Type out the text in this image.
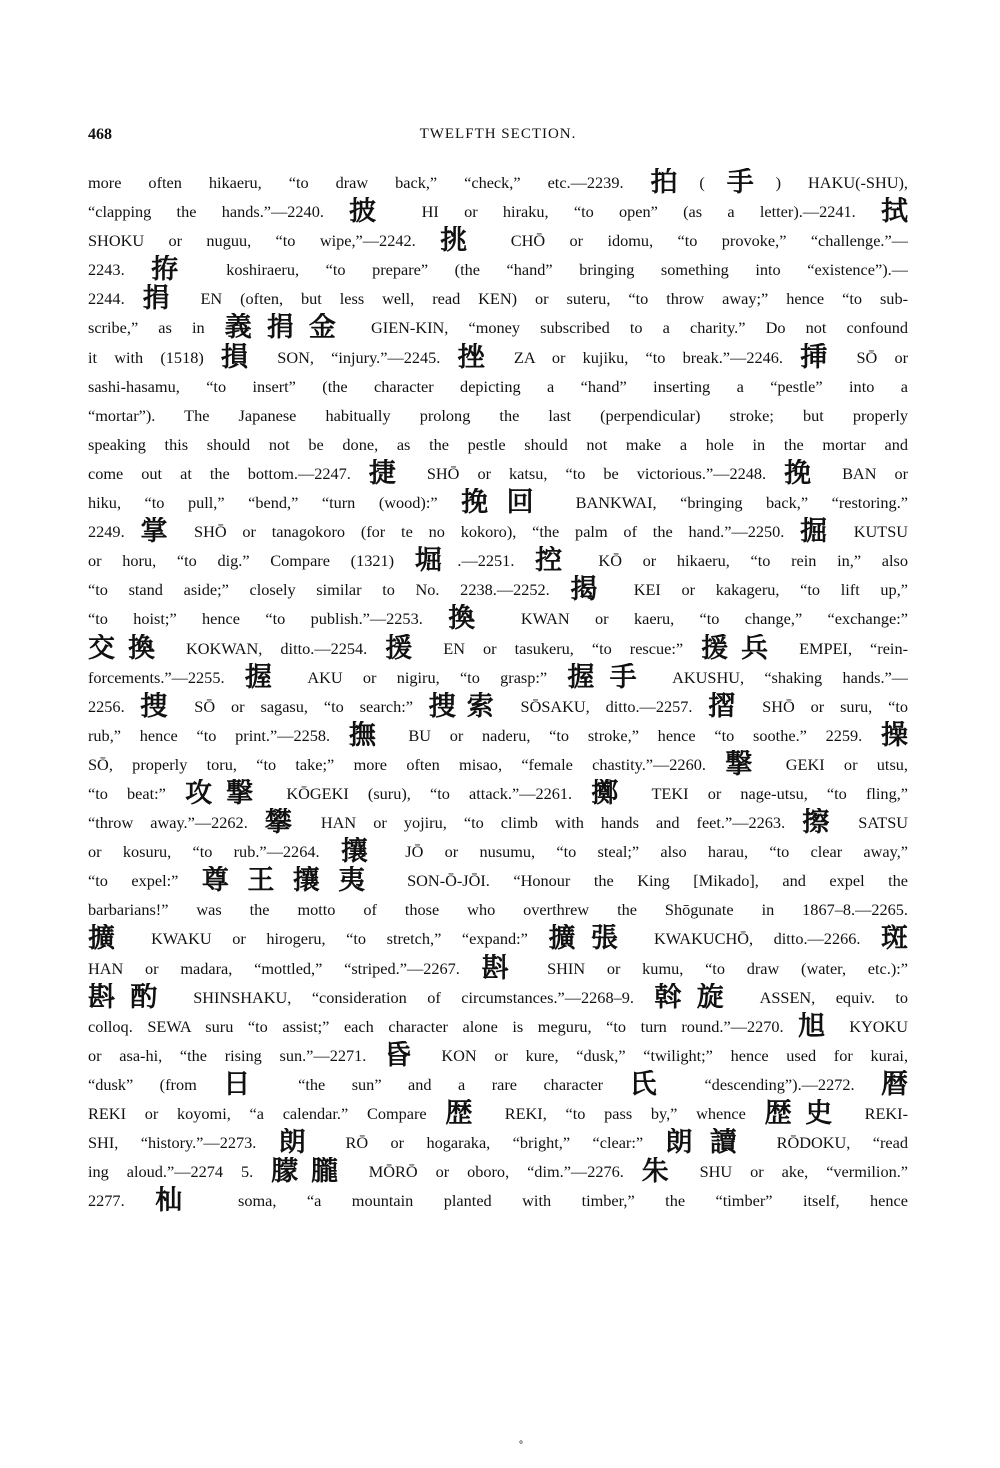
468	TWELFTH SECTION.
more often hikaeru, “to draw back,” “check,” etc.—2239. 拍(手) HAKU(-SHU),
“clapping the hands.”—2240. 披 HI or hiraku, “to open” (as a letter).—2241. 拭
SHOKU or nuguu, “to wipe,”—2242. 挑 CHŌ or idomu, “to provoke,” “challenge.”—
2243. 拵 koshiraeru, “to prepare” (the “hand” bringing something into “existence”).—
2244. 捐 EN (often, but less well, read KEN) or suteru, “to throw away;” hence “to sub-
scribe,” as in 義捐金 GIEN-KIN, “money subscribed to a charity.” Do not confound
it with (1518) 損 SON, “injury.”—2245. 挫 ZA or kujiku, “to break.”—2246. 挿 SŌ or
sashi-hasamu, “to insert” (the character depicting a “hand” inserting a “pestle” into a
“mortar”). The Japanese habitually prolong the last (perpendicular) stroke; but properly
speaking this should not be done, as the pestle should not make a hole in the mortar and
come out at the bottom.—2247. 捷 SHŌ or katsu, “to be victorious.”—2248. 挽 BAN or
hiku, “to pull,” “bend,” “turn (wood):” 挽回 BANKWAI, “bringing back,” “restoring.”
2249. 掌 SHŌ or tanagokoro (for te no kokoro), “the palm of the hand.”—2250. 掘 KUTSU
or horu, “to dig.” Compare (1321) 堀.—2251. 控 KŌ or hikaeru, “to rein in,” also
“to stand aside;” closely similar to No. 2238.—2252. 揭 KEI or kakageru, “to lift up,”
“to hoist;” hence “to publish.”—2253. 換 KWAN or kaeru, “to change,” “exchange:”
交換 KOKWAN, ditto.—2254. 援 EN or tasukeru, “to rescue:” 援兵 EMPEI, “rein-
forcements.”—2255. 握 AKU or nigiru, “to grasp:” 握手 AKUSHU, “shaking hands.”—
2256. 捜 SŌ or sagasu, “to search:” 捜索 SŌSAKU, ditto.—2257. 摺 SHŌ or suru, “to
rub,” hence “to print.”—2258. 撫 BU or naderu, “to stroke,” hence “to soothe.” 2259. 操
SŌ, properly toru, “to take;” more often misao, “female chastity.”—2260. 撃 GEKI or utsu,
“to beat:” 攻撃 KŌGEKI (suru), “to attack.”—2261. 擲 TEKI or nage-utsu, “to fling,”
“throw away.”—2262. 攀 HAN or yojiru, “to climb with hands and feet.”—2263. 擦 SATSU
or kosuru, “to rub.”—2264. 攘 JŌ or nusumu, “to steal;” also harau, “to clear away,”
“to expel:” 尊王攘夷 SON-Ō-JŌI. “Honour the King [Mikado], and expel the
barbarians!” was the motto of those who overthrew the Shōgunate in 1867–8.—2265.
擴 KWAKU or hirogeru, “to stretch,” “expand:” 擴張 KWAKUCHŌ, ditto.—2266. 斑
HAN or madara, “mottled,” “striped.”—2267. 斟 SHIN or kumu, “to draw (water, etc.):”
斟酌 SHINSHAKU, “consideration of circumstances.”—2268–9. 斡旋 ASSEN, equiv. to
colloq. SEWA suru “to assist;” each character alone is meguru, “to turn round.”—2270. 旭 KYOKU
or asa-hi, “the rising sun.”—2271. 昏 KON or kure, “dusk,” “twilight;” hence used for kurai,
“dusk” (from 日 “the sun” and a rare character 氏 “descending”).—2272. 暦
REKI or koyomi, “a calendar.” Compare 歴 REKI, “to pass by,” whence 歴史 REKI-
SHI, “history.”—2273. 朗 RŌ or hogaraka, “bright,” “clear:” 朗讀 RŌDOKU, “read
ing aloud.”—2274 5. 朦朧 MŌRŌ or oboro, “dim.”—2276. 朱 SHU or ake, “vermilion.”
2277. 杣 soma, “a mountain planted with timber,” the “timber” itself, hence
˚
